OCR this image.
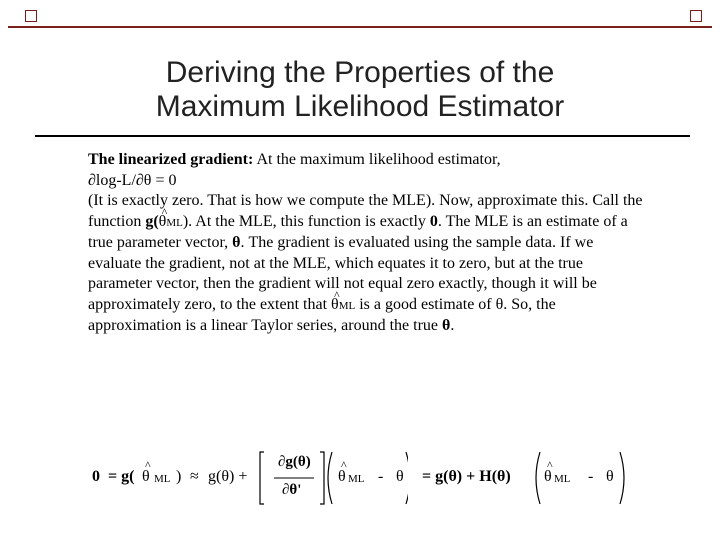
Deriving the Properties of the
Maximum Likelihood Estimator

The linearized gradient: At the maximum likelihood estimator,

∂log-L/∂θ = 0

(It is exactly zero. That is how we compute the MLE). Now, approximate this. Call the function g(^ θML). At the MLE, this function is exactly 0. The MLE is an estimate of a true parameter vector, θ. The gradient is evaluated using the sample data. If we evaluate the gradient, not at the MLE, which equates it to zero, but at the true parameter vector, then the gradient will not equal zero exactly, though it will be approximately zero, to the extent that ^ θML is a good estimate of θ. So, the approximation is a linear Taylor series, around the true θ.

0 = g( ^ θ ML ) ≈ g(θ) +
∂g(θ)
∂θ'
^ θ ML - θ = g(θ) + H(θ) ^ θ ML - θ
